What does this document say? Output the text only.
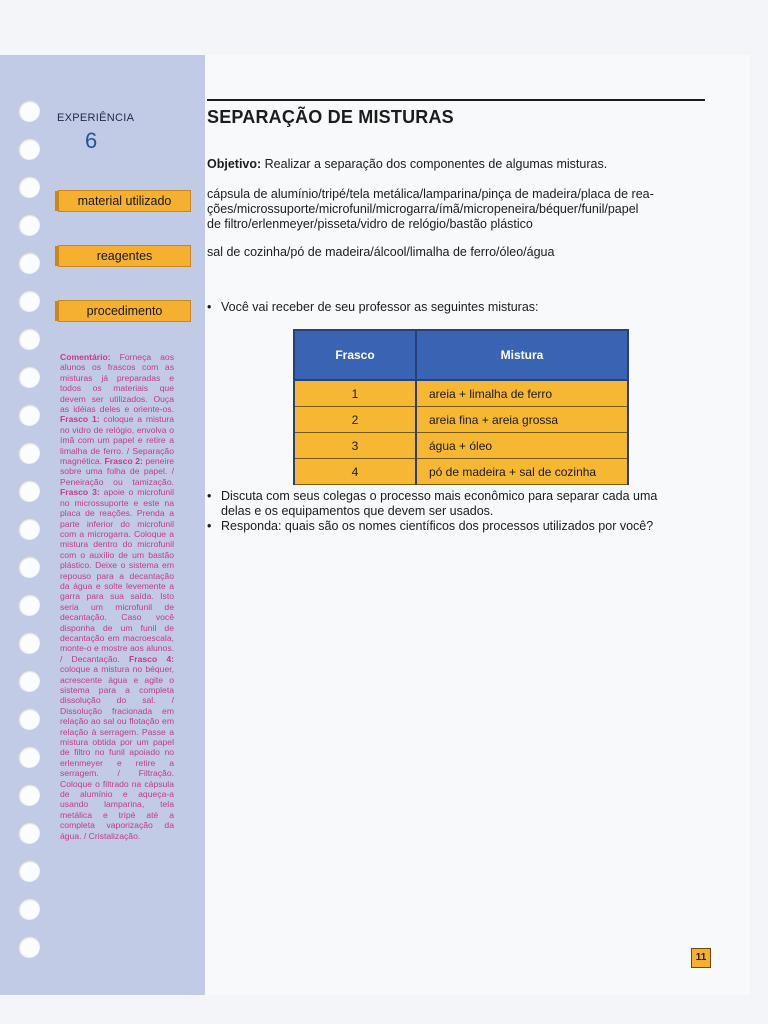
EXPERIÊNCIA
6
SEPARAÇÃO DE MISTURAS
Objetivo: Realizar a separação dos componentes de algumas misturas.
material utilizado	cápsula de alumínio/tripé/tela metálica/lamparina/pinça de madeira/placa de rea-
ções/microssuporte/microfunil/microgarra/ímã/micropeneira/béquer/funil/papel
de filtro/erlenmeyer/pisseta/vidro de relógio/bastão plástico
reagentes	sal de cozinha/pó de madeira/álcool/limalha de ferro/óleo/água
procedimento	• Você vai receber de seu professor as seguintes misturas:
Frasco	Mistura
1	areia + limalha de ferro
2	areia fina + areia grossa
3	água + óleo
4	pó de madeira + sal de cozinha
• Discuta com seus colegas o processo mais econômico para separar cada uma
delas e os equipamentos que devem ser usados.
• Responda: quais são os nomes científicos dos processos utilizados por você?
Comentário: Forneça aos alunos os frascos com as misturas já preparadas e todos os materiais que devem ser utilizados. Ouça as idéias deles e oriente-os. Frasco 1: coloque a mistura no vidro de relógio, envolva o ímã com um papel e retire a limalha de ferro. / Separação magnética. Frasco 2: peneire sobre uma folha de papel. / Peneiração ou tamização. Frasco 3: apoie o microfunil no microssuporte e este na placa de reações. Prenda a parte inferior do microfunil com a microgarra. Coloque a mistura dentro do microfunil com o auxílio de um bastão plástico. Deixe o sistema em repouso para a decantação da água e solte levemente a garra para sua saída. Isto seria um microfunil de decantação. Caso você disponha de um funil de decantação em macroescala, monte-o e mostre aos alunos. / Decantação. Frasco 4: coloque a mistura no béquer, acrescente água e agite o sistema para a completa dissolução do sal. / Dissolução fracionada em relação ao sal ou flotação em relação à serragem. Passe a mistura obtida por um papel de filtro no funil apoiado no erlenmeyer e retire a serragem. / Filtração. Coloque o filtrado na cápsula de alumínio e aqueça-a usando lamparina, tela metálica e tripé até a completa vaporização da água. / Cristalização.
11
